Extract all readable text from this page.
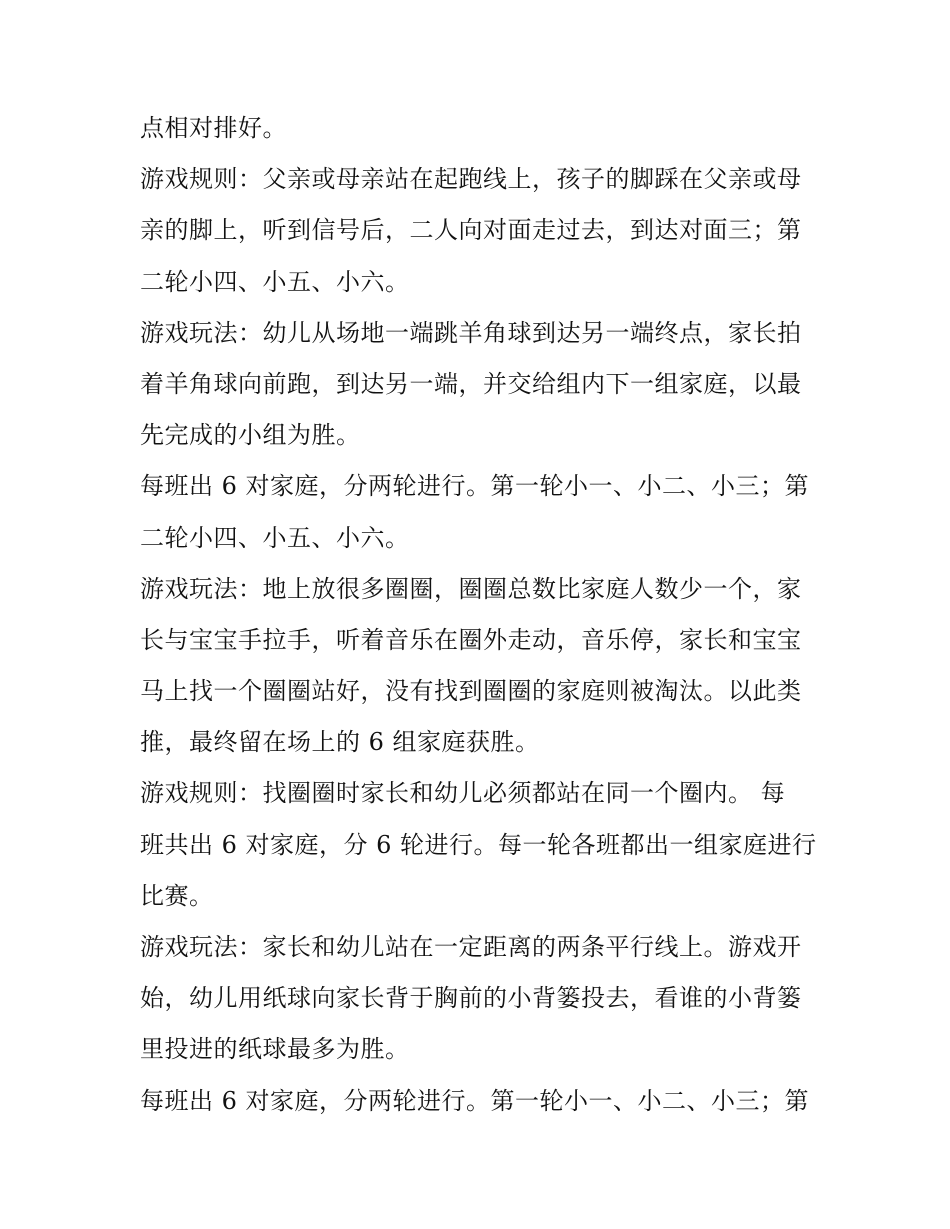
点相对排好。
游戏规则：父亲或母亲站在起跑线上，孩子的脚踩在父亲或母
亲的脚上，听到信号后，二人向对面走过去，到达对面三；第
二轮小四、小五、小六。
游戏玩法：幼儿从场地一端跳羊角球到达另一端终点，家长拍
着羊角球向前跑，到达另一端，并交给组内下一组家庭，以最
先完成的小组为胜。
每班出 6 对家庭，分两轮进行。第一轮小一、小二、小三；第
二轮小四、小五、小六。
游戏玩法：地上放很多圈圈，圈圈总数比家庭人数少一个，家
长与宝宝手拉手，听着音乐在圈外走动，音乐停，家长和宝宝
马上找一个圈圈站好，没有找到圈圈的家庭则被淘汰。以此类
推，最终留在场上的 6 组家庭获胜。
游戏规则：找圈圈时家长和幼儿必须都站在同一个圈内。 每
班共出 6 对家庭，分 6 轮进行。每一轮各班都出一组家庭进行
比赛。
游戏玩法：家长和幼儿站在一定距离的两条平行线上。游戏开
始，幼儿用纸球向家长背于胸前的小背篓投去，看谁的小背篓
里投进的纸球最多为胜。
每班出 6 对家庭，分两轮进行。第一轮小一、小二、小三；第
